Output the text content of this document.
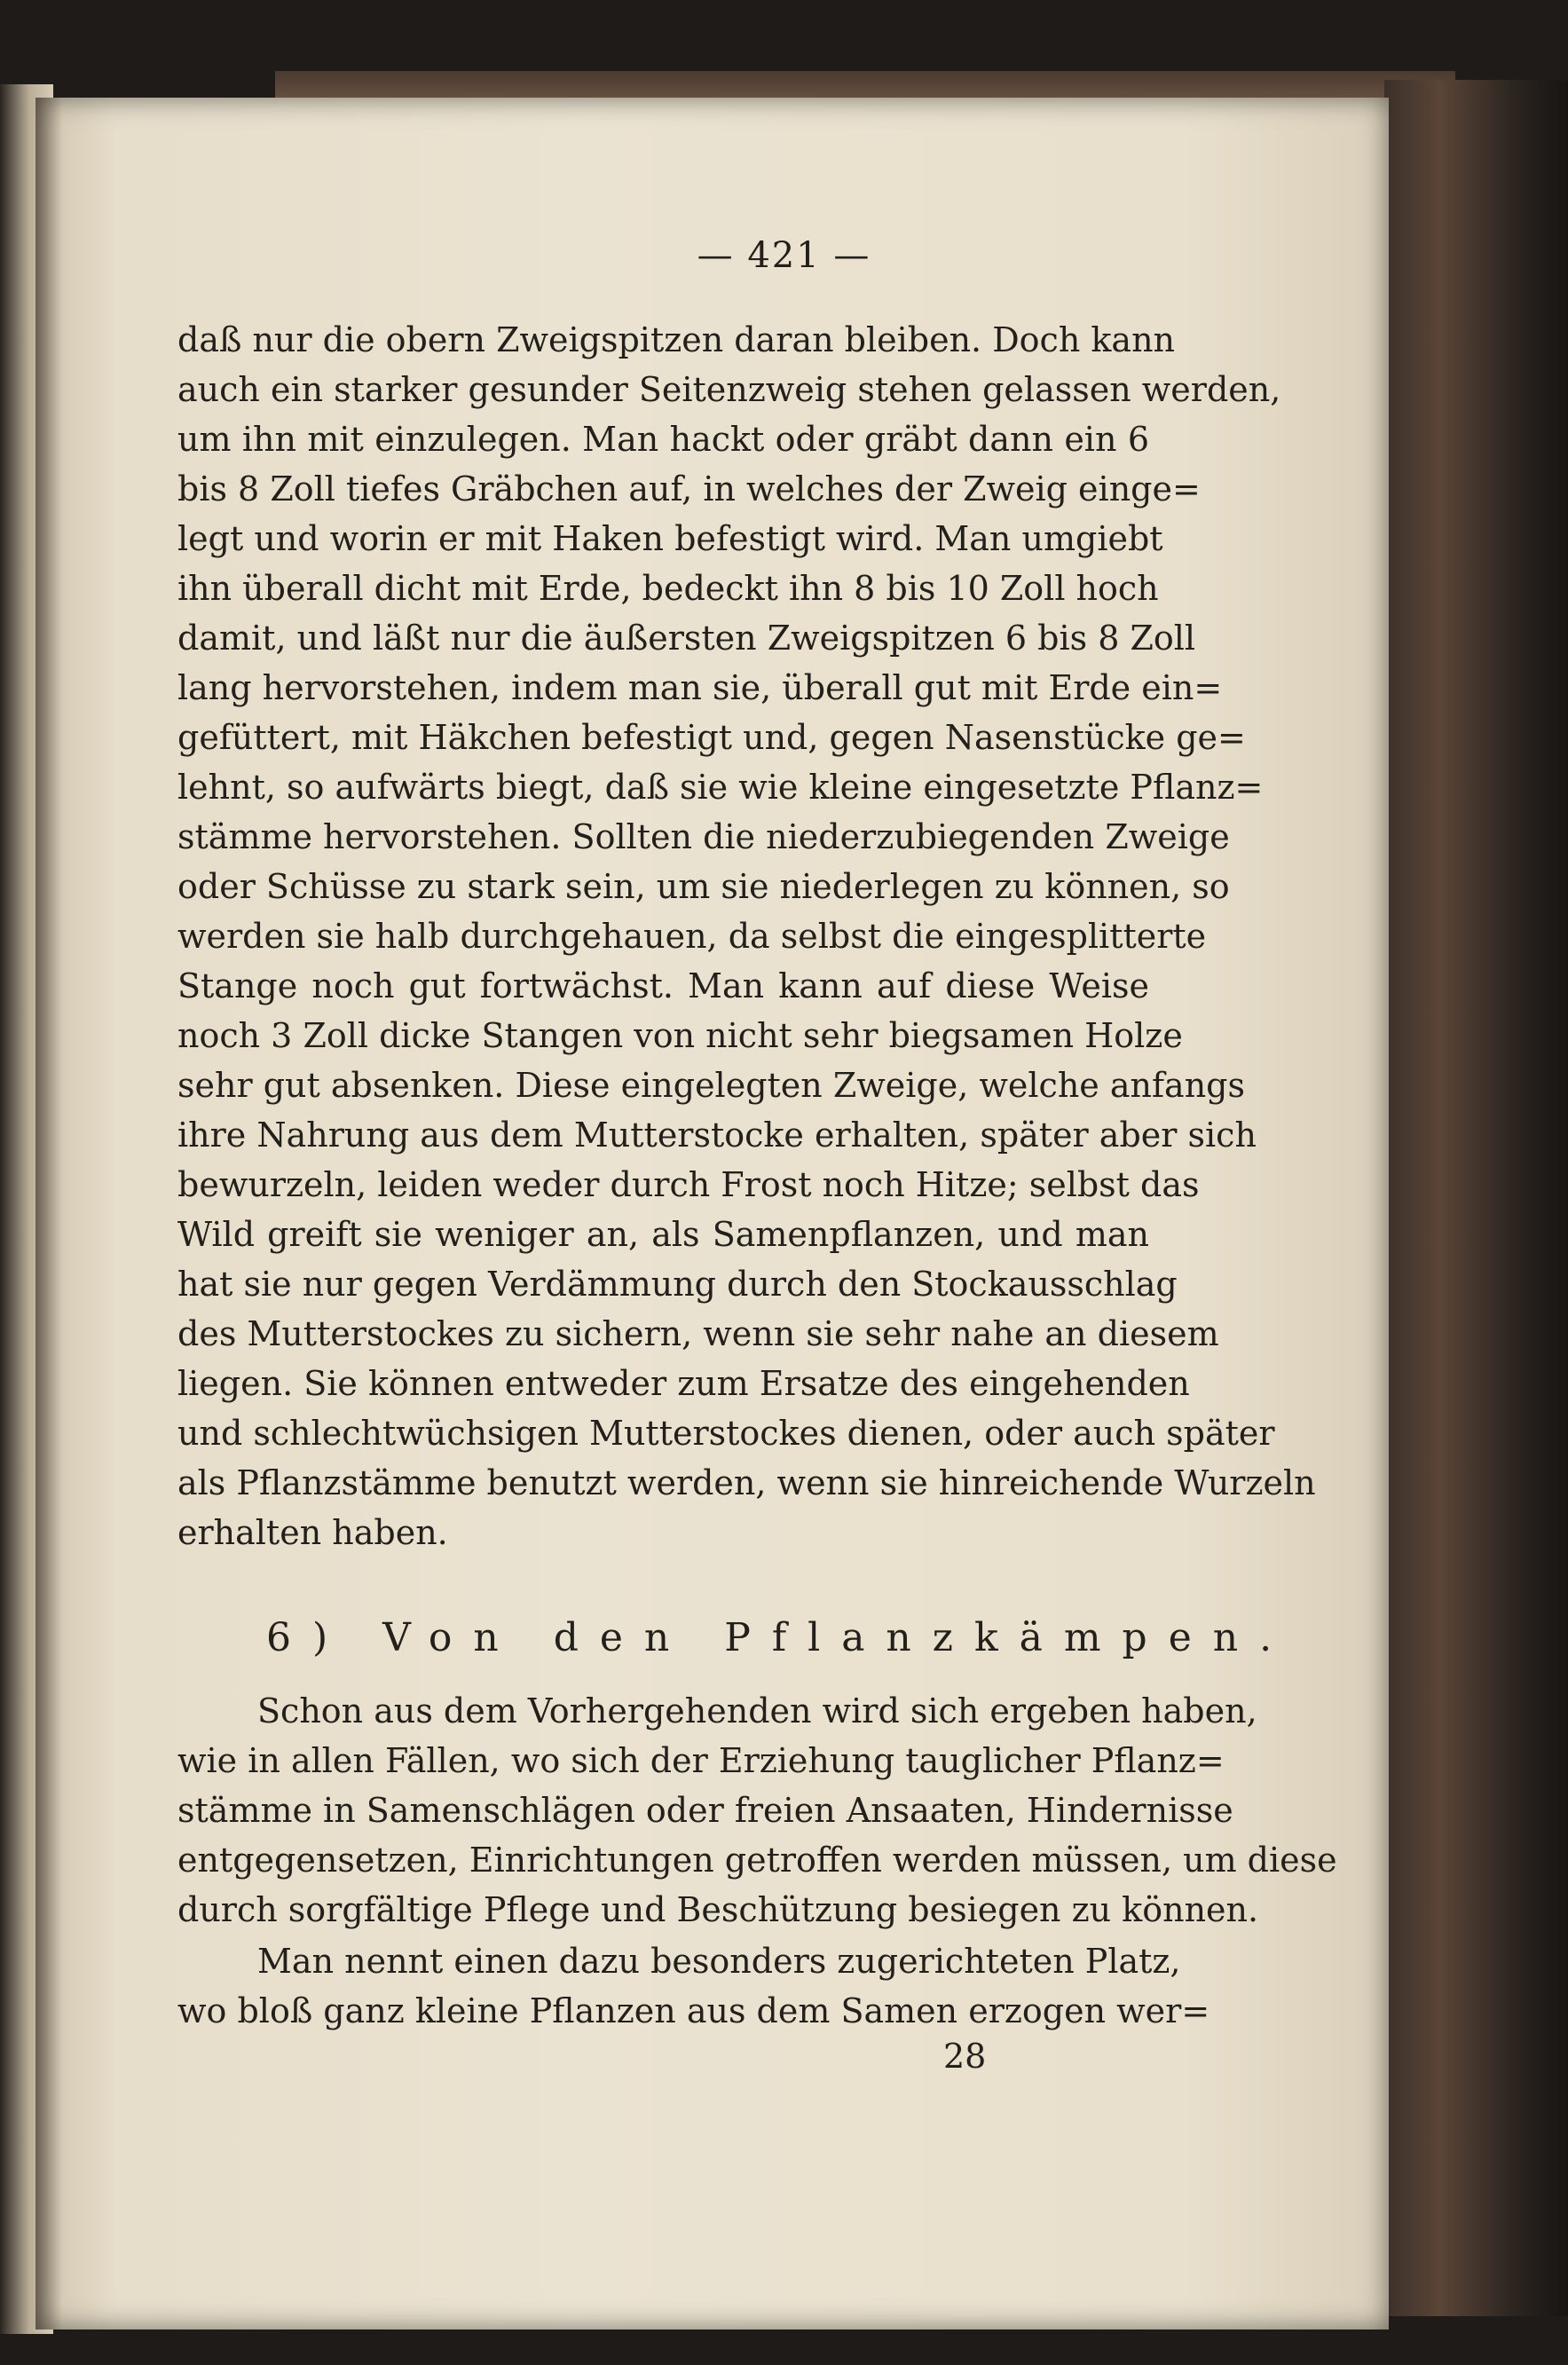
— 421 —
daß nur die obern Zweigspitzen daran bleiben. Doch kann
auch ein starker gesunder Seitenzweig stehen gelassen werden,
um ihn mit einzulegen. Man hackt oder gräbt dann ein 6
bis 8 Zoll tiefes Gräbchen auf, in welches der Zweig einge=
legt und worin er mit Haken befestigt wird. Man umgiebt
ihn überall dicht mit Erde, bedeckt ihn 8 bis 10 Zoll hoch
damit, und läßt nur die äußersten Zweigspitzen 6 bis 8 Zoll
lang hervorstehen, indem man sie, überall gut mit Erde ein=
gefüttert, mit Häkchen befestigt und, gegen Nasenstücke ge=
lehnt, so aufwärts biegt, daß sie wie kleine eingesetzte Pflanz=
stämme hervorstehen. Sollten die niederzubiegenden Zweige
oder Schüsse zu stark sein, um sie niederlegen zu können, so
werden sie halb durchgehauen, da selbst die eingesplitterte
Stange noch gut fortwächst. Man kann auf diese Weise
noch 3 Zoll dicke Stangen von nicht sehr biegsamen Holze
sehr gut absenken. Diese eingelegten Zweige, welche anfangs
ihre Nahrung aus dem Mutterstocke erhalten, später aber sich
bewurzeln, leiden weder durch Frost noch Hitze; selbst das
Wild greift sie weniger an, als Samenpflanzen, und man
hat sie nur gegen Verdämmung durch den Stockausschlag
des Mutterstockes zu sichern, wenn sie sehr nahe an diesem
liegen. Sie können entweder zum Ersatze des eingehenden
und schlechtwüchsigen Mutterstockes dienen, oder auch später
als Pflanzstämme benutzt werden, wenn sie hinreichende Wurzeln
erhalten haben.
6) Von den Pflanzkämpen.
Schon aus dem Vorhergehenden wird sich ergeben haben,
wie in allen Fällen, wo sich der Erziehung tauglicher Pflanz=
stämme in Samenschlägen oder freien Ansaaten, Hindernisse
entgegensetzen, Einrichtungen getroffen werden müssen, um diese
durch sorgfältige Pflege und Beschützung besiegen zu können.
Man nennt einen dazu besonders zugerichteten Platz,
wo bloß ganz kleine Pflanzen aus dem Samen erzogen wer=
28
